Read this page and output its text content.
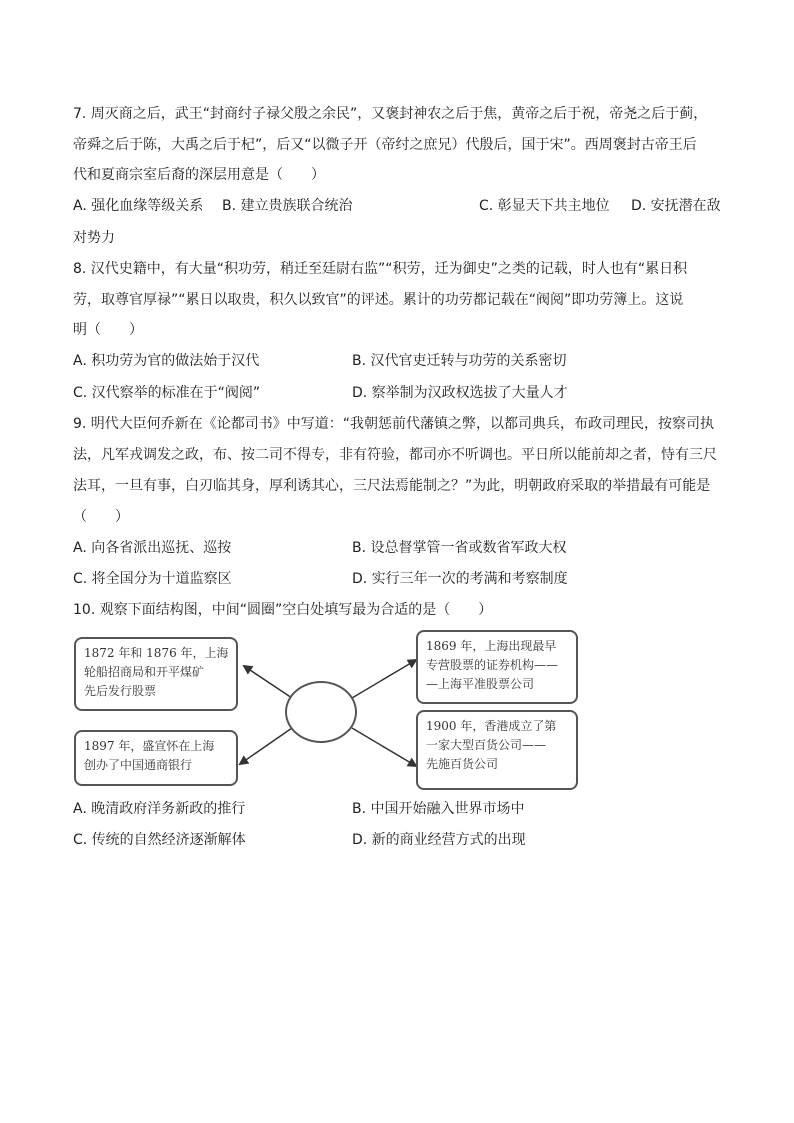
7. 周灭商之后，武王“封商纣子禄父殷之余民”，又褒封神农之后于焦，黄帝之后于祝，帝尧之后于蓟，
帝舜之后于陈，大禹之后于杞”，后又“以微子开（帝纣之庶兄）代殷后，国于宋”。西周褒封古帝王后
代和夏商宗室后裔的深层用意是（　　）
A. 强化血缘等级关系 B. 建立贵族联合统治	C. 彰显天下共主地位 D. 安抚潜在敌
对势力
8. 汉代史籍中，有大量“积功劳，稍迁至廷尉右监”“积劳，迁为御史”之类的记载，时人也有“累日积
劳，取尊官厚禄”“累日以取贵，积久以致官”的评述。累计的功劳都记载在“阀阅”即功劳簿上。这说
明（　　）
A. 积功劳为官的做法始于汉代	B. 汉代官吏迁转与功劳的关系密切
C. 汉代察举的标准在于“阀阅”	D. 察举制为汉政权选拔了大量人才
9. 明代大臣何乔新在《论都司书》中写道：“我朝惩前代藩镇之弊，以都司典兵，布政司理民，按察司执
法，凡军戎调发之政，布、按二司不得专，非有符验，都司亦不听调也。平日所以能前却之者，恃有三尺
法耳，一旦有事，白刃临其身，厚利诱其心，三尺法焉能制之？”为此，明朝政府采取的举措最有可能是
（　　）
A. 向各省派出巡抚、巡按	B. 设总督掌管一省或数省军政大权
C. 将全国分为十道监察区	D. 实行三年一次的考满和考察制度
10. 观察下面结构图，中间“圆圈”空白处填写最为合适的是（　　）
1872 年和 1876 年，上海
轮船招商局和开平煤矿
先后发行股票
1897 年，盛宣怀在上海
创办了中国通商银行
1869 年，上海出现最早
专营股票的证券机构——
—上海平准股票公司
1900 年，香港成立了第
一家大型百货公司——
先施百货公司
A. 晚清政府洋务新政的推行	B. 中国开始融入世界市场中
C. 传统的自然经济逐渐解体	D. 新的商业经营方式的出现
